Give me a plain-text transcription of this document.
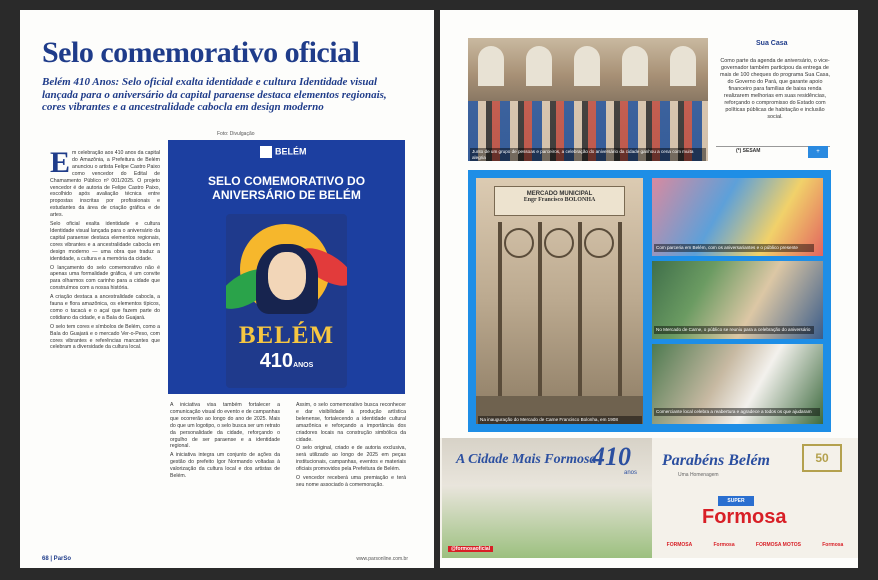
Selo comemorativo oficial
Belém 410 Anos: Selo oficial exalta identidade e cultura Identidade visual lançada para o aniversário da capital paraense destaca elementos regionais, cores vibrantes e a ancestralidade cabocla em design moderno
Foto: Divulgação
E m celebração aos 410 anos da capital do Amazônia, a Prefeitura de Belém anunciou o artista Felipe Castro Paixo como vencedor do Edital de Chamamento Público nº 001/2025. O projeto vencedor é de autoria de Felipe Castro Paixo, escolhido após avaliação técnica entre propostas inscritas por profissionais e estudantes da área de criação gráfica e de artes.

Selo oficial exalta identidade e cultura Identidade visual lançada para o aniversário da capital paraense destaca elementos regionais, cores vibrantes e a ancestralidade cabocla em design moderno — uma obra que traduz a identidade, a cultura e a memória da cidade.

O lançamento do selo comemorativo não é apenas uma formalidade gráfica, é um convite para olharmos com carinho para a cidade que construímos com a nossa história.

A criação destaca a ancestralidade cabocla, a fauna e flora amazônica, os elementos típicos, como o tacacá e o açaí que fazem parte do cotidiano da cidade, e a Baía do Guajará.

O selo tem cores e símbolos de Belém, como a Baía do Guajará e o mercado Ver-o-Peso, com cores vibrantes e referências marcantes que celebram a diversidade da cultura local.

BELÉM
SELO COMEMORATIVO DO
ANIVERSÁRIO DE BELÉM
BELÉM
410ANOS

A iniciativa visa também fortalecer a comunicação visual do evento e de campanhas que ocorrerão ao longo do ano de 2025. Mais do que um logotipo, o selo busca ser um retrato da personalidade da cidade, reforçando o orgulho de ser paraense e a identidade regional.

A iniciativa integra um conjunto de ações da gestão do prefeito Igor Normando voltadas à valorização da cultura local e dos artistas de Belém.

Assim, o selo comemorativo busca reconhecer e dar visibilidade à produção artística belenense, fortalecendo a identidade cultural amazônica e reforçando a importância dos criadores locais na construção simbólica da cidade.

O selo original, criado e de autoria exclusiva, será utilizado ao longo de 2025 em peças institucionais, campanhas, eventos e materiais oficiais promovidos pela Prefeitura de Belém.

O vencedor receberá uma premiação e terá seu nome associado à comemoração.

68 | ParSo	www.parsonline.com.br
Junto de um grupo de pessoas e parceiros, a celebração do aniversário da cidade ganhou a cena com muita alegria
Sua Casa
Como parte da agenda de aniversário, o vice-governador também participou da entrega de mais de 100 cheques do programa Sua Casa, do Governo do Pará, que garante apoio financeiro para famílias de baixa renda realizarem melhorias em suas residências, reforçando o compromisso do Estado com políticas públicas de habitação e inclusão social.
(*) SESAM	+
MERCADO MUNICIPAL
Engr Francisco BOLONHA
Na inauguração do Mercado de Carne Francisco Bolonha, em 1908
Com parceria em Belém, com os aniversariantes e o público presente
No Mercado de Carne, o público se reuniu para a celebração do aniversário
Comerciante local celebra a reabertura e agradece a todos os que ajudaram
A Cidade Mais Formosa
410
anos
Parabéns Belém
Uma Homenagem
50
SUPER
Formosa
FORMOSA	Formosa	FORMOSA MOTOS	Formosa
@formosaoficial
